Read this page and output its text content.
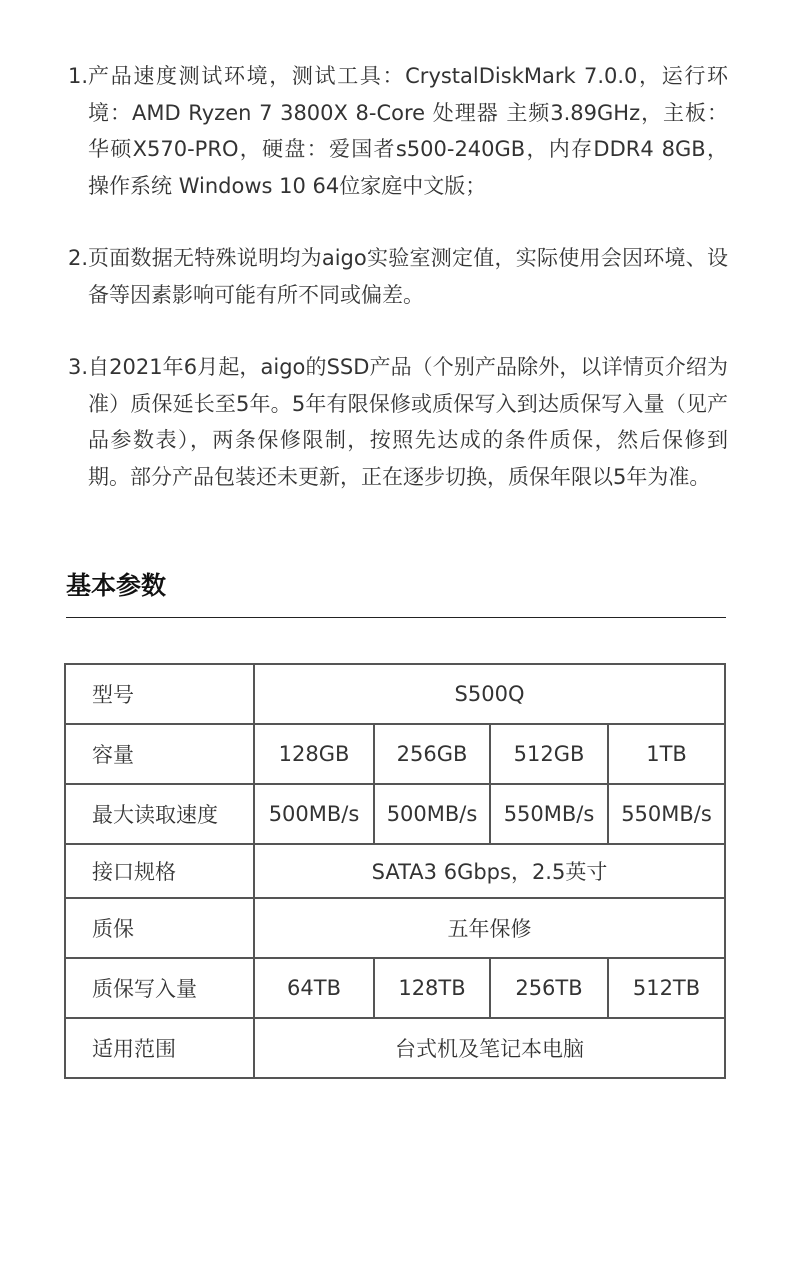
1. 产品速度测试环境，测试工具：CrystalDiskMark 7.0.0，运行环境：AMD Ryzen 7 3800X 8-Core 处理器 主频3.89GHz，主板：华硕X570-PRO，硬盘：爱国者s500-240GB，内存DDR4 8GB，操作系统 Windows 10 64位家庭中文版；
2. 页面数据无特殊说明均为aigo实验室测定值，实际使用会因环境、设备等因素影响可能有所不同或偏差。
3. 自2021年6月起，aigo的SSD产品（个别产品除外，以详情页介绍为准）质保延长至5年。5年有限保修或质保写入到达质保写入量（见产品参数表），两条保修限制，按照先达成的条件质保，然后保修到期。部分产品包装还未更新，正在逐步切换，质保年限以5年为准。
基本参数
型号	S500Q			
容量	128GB	256GB	512GB	1TB
最大读取速度	500MB/s	500MB/s	550MB/s	550MB/s
接口规格	SATA3 6Gbps，2.5英寸			
质保	五年保修			
质保写入量	64TB	128TB	256TB	512TB
适用范围	台式机及笔记本电脑			
